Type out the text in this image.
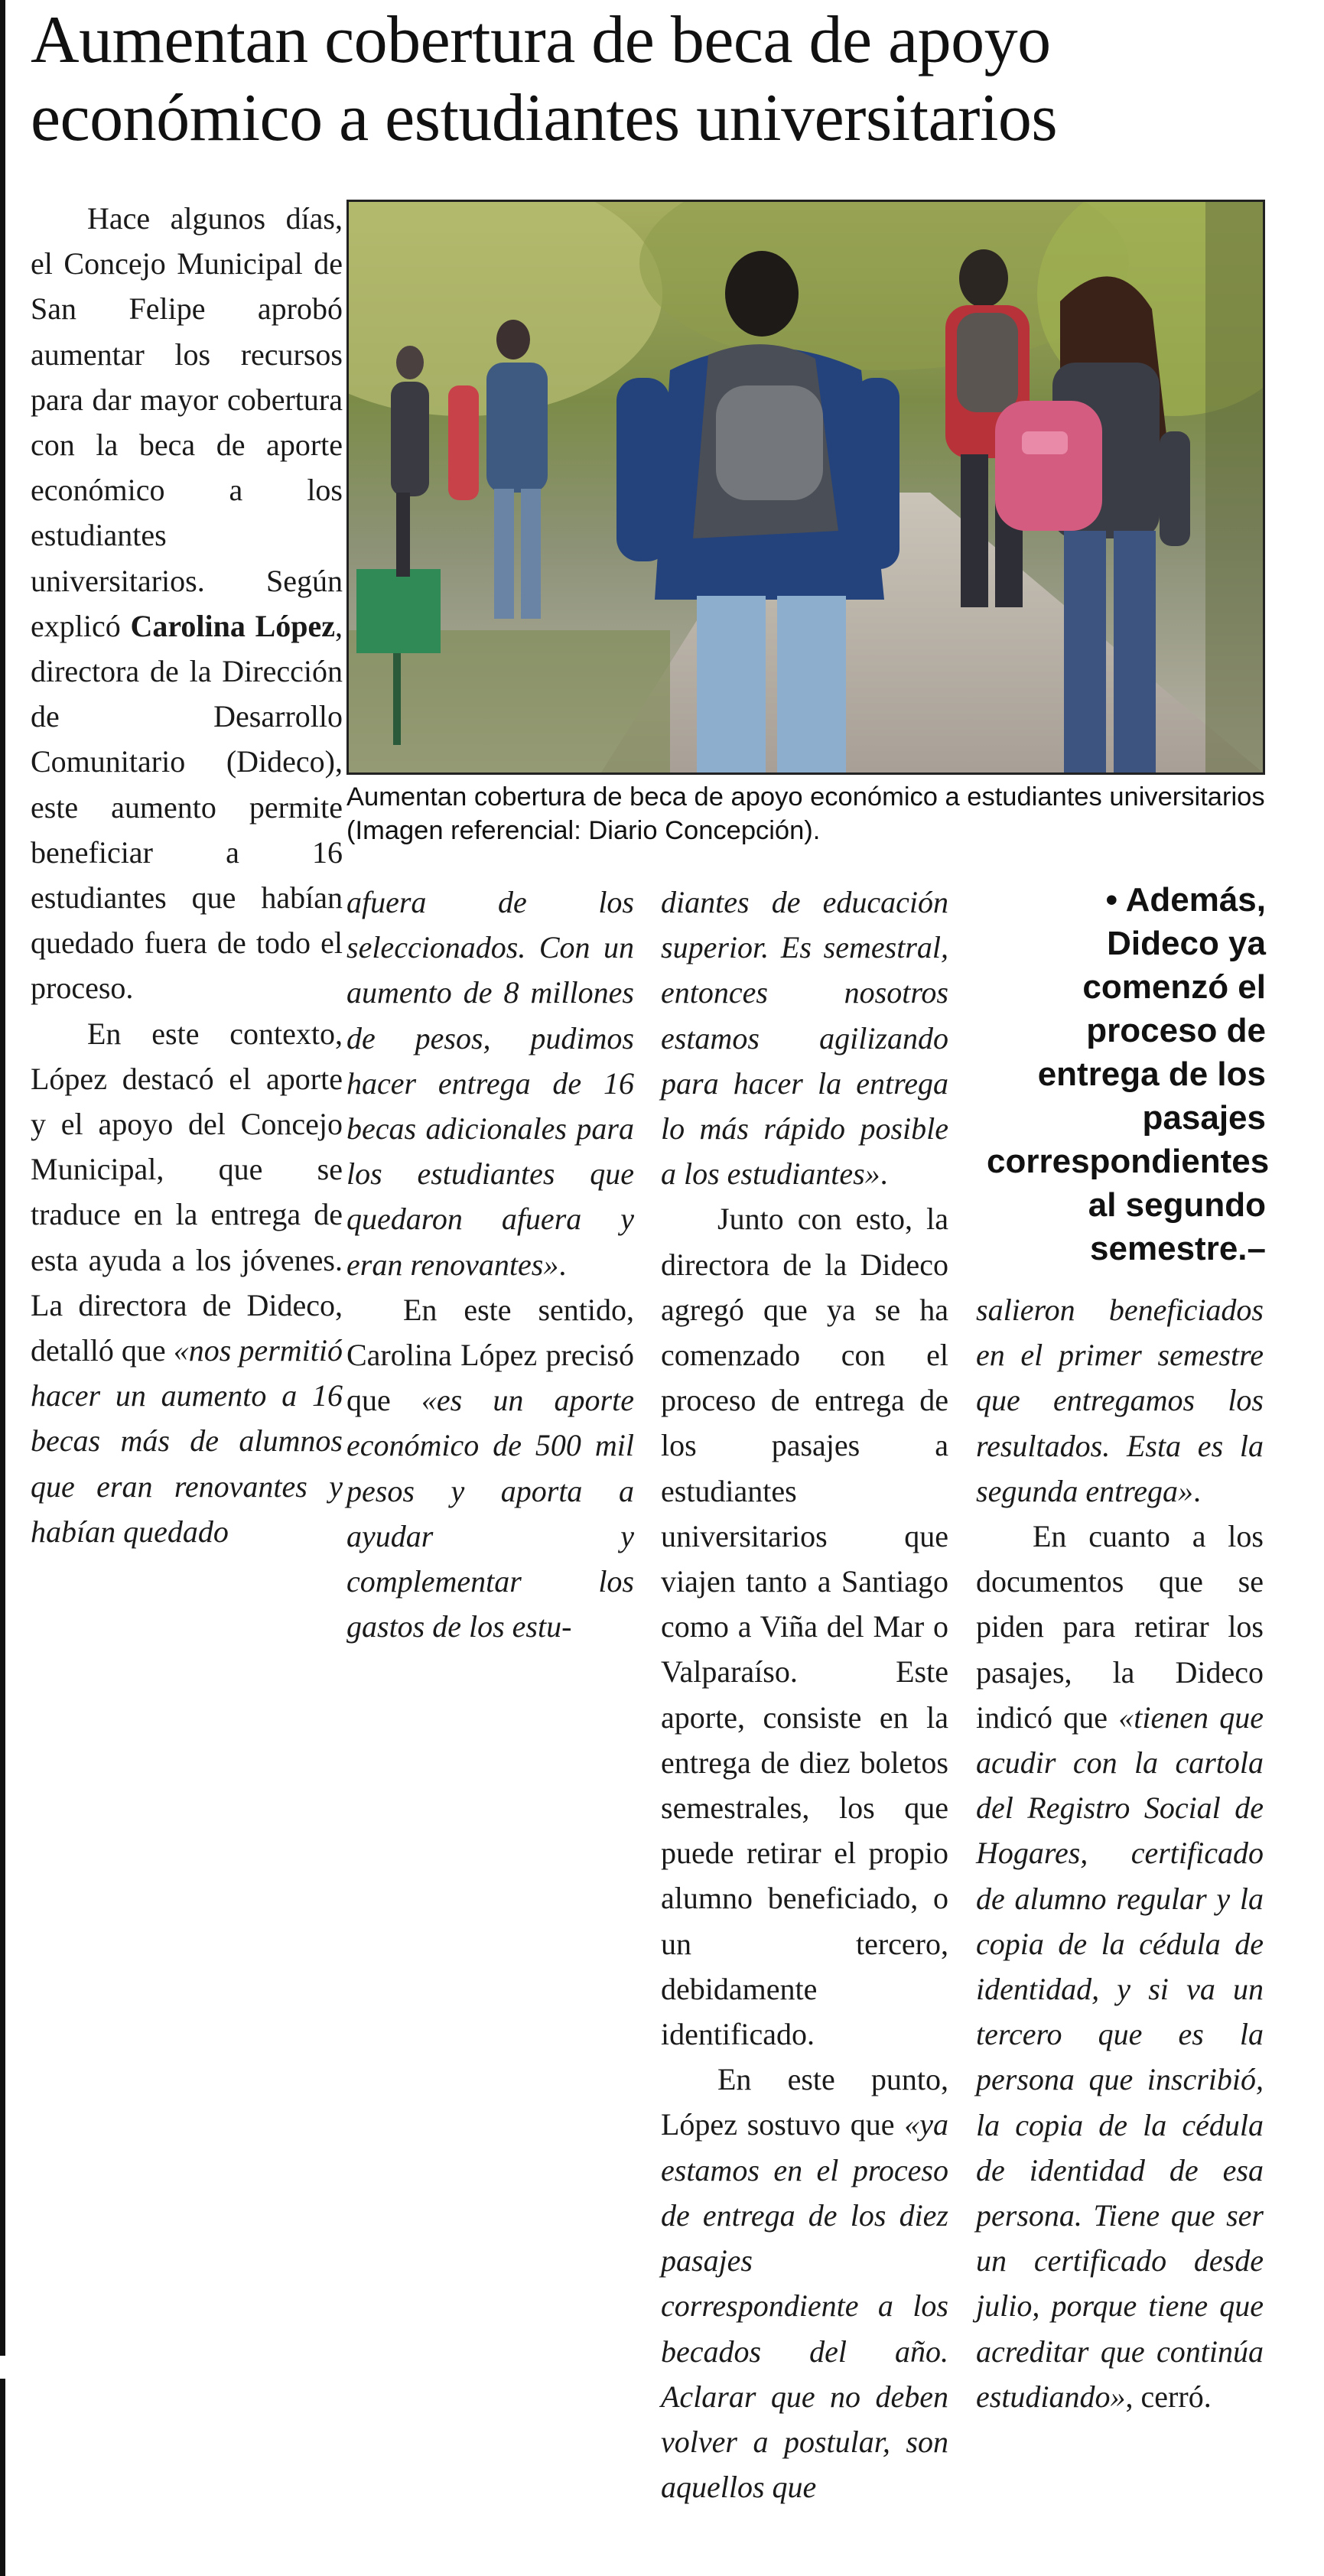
Aumentan cobertura de beca de apoyo económico a estudiantes universitarios

Hace algunos días, el Concejo Municipal de San Felipe aprobó aumentar los recursos para dar mayor cobertura con la beca de aporte económico a los estudiantes universitarios. Según explicó Carolina López, directora de la Dirección de Desarrollo Comunitario (Dideco), este aumento permite beneficiar a 16 estudiantes que habían quedado fuera de todo el proceso.

En este contexto, López destacó el aporte y el apoyo del Concejo Municipal, que se traduce en la entrega de esta ayuda a los jóvenes. La directora de Dideco, detalló que «nos permitió hacer un aumento a 16 becas más de alumnos que eran renovantes y habían quedado

Aumentan cobertura de beca de apoyo económico a estudiantes universitarios (Imagen referencial: Diario Concepción).

afuera de los seleccionados. Con un aumento de 8 millones de pesos, pudimos hacer entrega de 16 becas adicionales para los estudiantes que quedaron afuera y eran renovantes».

En este sentido, Carolina López precisó que «es un aporte económico de 500 mil pesos y aporta a ayudar y complementar los gastos de los estu-

diantes de educación superior. Es semestral, entonces nosotros estamos agilizando para hacer la entrega lo más rápido posible a los estudiantes».

Junto con esto, la directora de la Dideco agregó que ya se ha comenzado con el proceso de entrega de los pasajes a estudiantes universitarios que viajen tanto a Santiago como a Viña del Mar o Valparaíso. Este aporte, consiste en la entrega de diez boletos semestrales, los que puede retirar el propio alumno beneficiado, o un tercero, debidamente identificado.

En este punto, López sostuvo que «ya estamos en el proceso de entrega de los diez pasajes correspondiente a los becados del año. Aclarar que no deben volver a postular, son aquellos que

• Además, Dideco ya comenzó el proceso de entrega de los pasajes correspondientes al segundo semestre.–

salieron beneficiados en el primer semestre que entregamos los resultados. Esta es la segunda entrega».

En cuanto a los documentos que se piden para retirar los pasajes, la Dideco indicó que «tienen que acudir con la cartola del Registro Social de Hogares, certificado de alumno regular y la copia de la cédula de identidad, y si va un tercero que es la persona que inscribió, la copia de la cédula de identidad de esa persona. Tiene que ser un certificado desde julio, porque tiene que acreditar que continúa estudiando», cerró.
